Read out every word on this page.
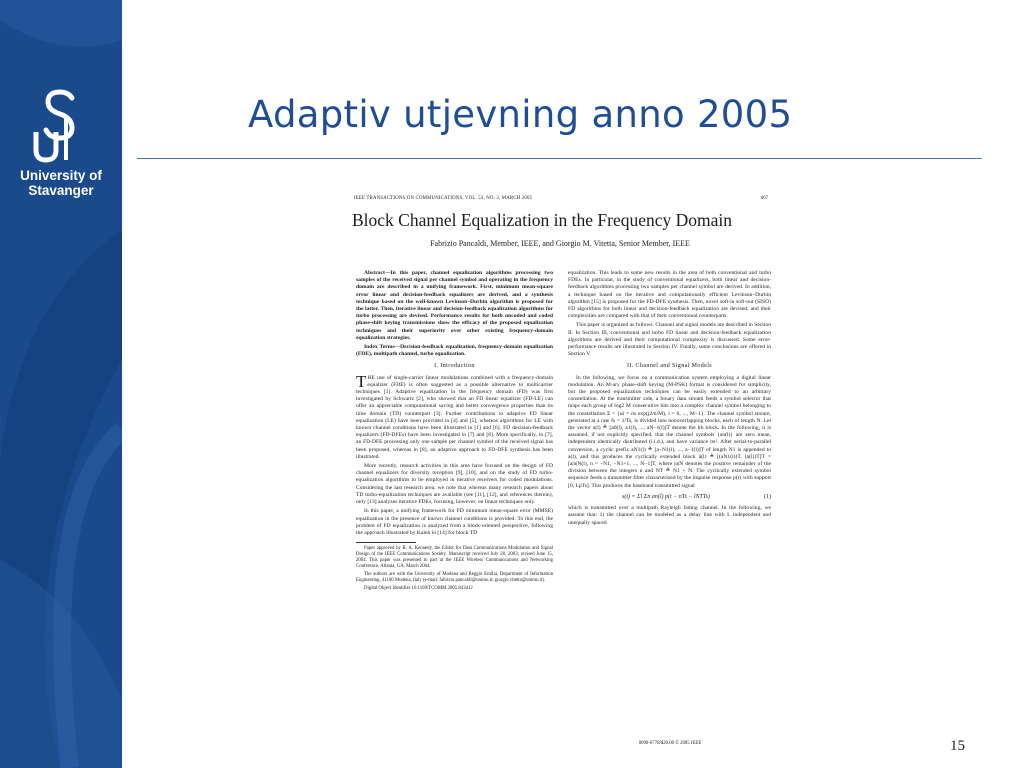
University of
Stavanger
Adaptiv utjevning anno 2005
IEEE TRANSACTIONS ON COMMUNICATIONS, VOL. 53, NO. 3, MARCH 2005	467
Block Channel Equalization in the Frequency Domain
Fabrizio Pancaldi, Member, IEEE, and Giorgio M. Vitetta, Senior Member, IEEE

Abstract—In this paper, channel equalization algorithms processing two samples of the received signal per channel symbol and operating in the frequency domain are described in a unifying framework. First, minimum mean-square error linear and decision-feedback equalizers are derived, and a synthesis technique based on the well-known Levinson–Durbin algorithm is proposed for the latter. Then, iterative linear and decision-feedback equalization algorithms for turbo processing are devised. Performance results for both uncoded and coded phase-shift keying transmissions show the efficacy of the proposed equalization techniques and their superiority over other existing frequency-domain equalization strategies.

Index Terms—Decision-feedback equalization, frequency-domain equalization (FDE), multipath channel, turbo equalization.

I. Introduction

THE use of single-carrier linear modulations combined with a frequency-domain equalizer (FDE) is often suggested as a possible alternative to multicarrier techniques [1]. Adaptive equalization in the frequency domain (FD) was first investigated by Schwartz [2], who showed that an FD linear equalizer (FD-LE) can offer an appreciable computational saving and better convergence properties than its time domain (TD) counterpart [3]. Further contributions to adaptive FD linear equalization (LE) have been provided in [4] and [5], whereas algorithms for LE with known channel conditions have been illustrated in [1] and [6]. FD decision-feedback equalizers (FD-DFEs) have been investigated in [7] and [8]. More specifically, in [7], an FD-DFE processing only one sample per channel symbol of the received signal has been proposed, whereas in [8], an adaptive approach to FD-DFE synthesis has been illustrated.

More recently, research activities in this area have focused on the design of FD channel equalizers for diversity reception [9], [10], and on the study of FD turbo-equalization algorithms to be employed in iterative receivers for coded modulations. Considering the last research area, we note that whereas many research papers about TD turbo-equalization techniques are available (see [11], [12], and references therein), only [13] analyzes iterative FDEs, focusing, however, on linear techniques only.

In this paper, a unifying framework for FD minimum mean-square error (MMSE) equalization in the presence of known channel conditions is provided. To this end, the problem of FD equalization is analyzed from a block-oriented perspective, following the approach illustrated by Kaleh in [14] for block TD

Paper approved by R. A. Kennedy, the Editor for Data Communications Modulation and Signal Design of the IEEE Communications Society. Manuscript received July 28, 2003; revised June 15, 2004. This paper was presented in part at the IEEE Wireless Communications and Networking Conference, Atlanta, GA, March 2004.

The authors are with the University of Modena and Reggio Emilia, Department of Information Engineering, 41100 Modena, Italy (e-mail: fabrizio.pancaldi@unimo.it; giorgio.vitetta@unimo.it).

Digital Object Identifier 10.1109/TCOMM.2005.843412

equalization. This leads to some new results in the area of both conventional and turbo FDEs. In particular, in the study of conventional equalizers, both linear and decision-feedback algorithms processing two samples per channel symbol are derived. In addition, a technique based on the iterative and computationally efficient Levinson–Durbin algorithm [15] is proposed for the FD-DFE synthesis. Then, novel soft-in soft-out (SISO) FD algorithms for both linear and decision-feedback equalization are devised, and their complexities are compared with that of their conventional counterparts.

This paper is organized as follows. Channel and signal models are described in Section II. In Section III, conventional and turbo FD linear and decision-feedback equalization algorithms are derived and their computational complexity is discussed. Some error-performance results are illustrated in Section IV. Finally, some conclusions are offered in Section V.

II. Channel and Signal Models

In the following, we focus on a communication system employing a digital linear modulation. An M-ary phase-shift keying (M-PSK) format is considered for simplicity, but the proposed equalization techniques can be easily extended to an arbitrary constellation. At the transmitter side, a binary data stream feeds a symbol selector that maps each group of log2 M consecutive bits into a complex channel symbol belonging to the constellation Σ = {αi = σs exp(j2πi/M), i = 0, ..., M−1}. The channel symbol stream, generated at a rate fs = 1/Ts, is divided into nonoverlapping blocks, each of length N. Let the vector a(l) ≜ [a0(l), a1(l), ..., aN−1(l)]T denote the lth block. In the following, it is assumed, if not explicitly specified, that the channel symbols {an(l)} are zero mean, independent identically distributed (i.i.d.), and have variance σs². After serial-to-parallel conversion, a cyclic prefix aN1(l) ≜ [a−N1(l), ..., a−1(l)]T of length N1 is appended to a(l), and this produces the cyclically extended block ã(l) ≜ [(aN1(l))T, (a(l))T]T = [a|n|N(l), n = −N1, −N1+1, ..., N−1]T, where |n|N denotes the positive remainder of the division between the integers n and NT ≜ N1 + N. The cyclically extended symbol sequence feeds a transmitter filter characterized by the impulse response p(t) with support [0, LpTs]. This produces the baseband transmitted signal

s(t) = Σl Σn an(l) p(t − nTs − lNTTs)	(1)

which is transmitted over a multipath Rayleigh fading channel. In the following, we assume that: 1) the channel can be modeled as a delay line with L independent and unequally spaced

0090-6778/$20.00 © 2005 IEEE	15
